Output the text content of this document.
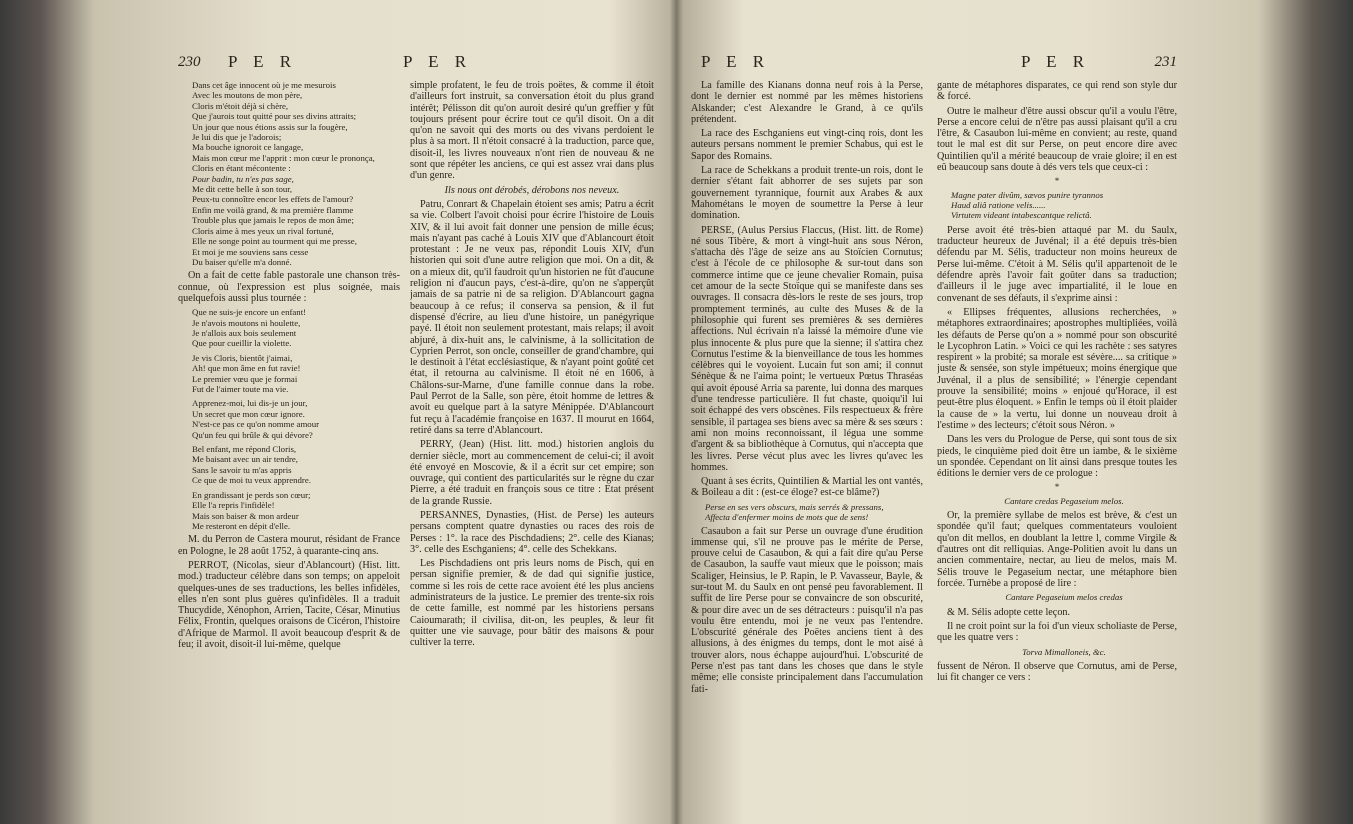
230 P E R	P E R
Dans cet âge innocent où je me mesurois
Avec les moutons de mon père,
Cloris m'étoit déjà si chère,
Que j'aurois tout quitté pour ses divins attraits;
Un jour que nous étions assis sur la fougère,
Je lui dis que je l'adorois;
Ma bouche ignoroit ce langage,
Mais mon cœur me l'apprit : mon cœur le prononça,
Cloris en étant mécontente :
Pour badin, tu n'es pas sage,
Me dit cette belle à son tour,
Peux-tu connoître encor les effets de l'amour?
Enfin me voilà grand, & ma première flamme
Trouble plus que jamais le repos de mon âme;
Cloris aime à mes yeux un rival fortuné,
Elle ne songe point au tourment qui me presse,
Et moi je me souviens sans cesse
Du baiser qu'elle m'a donné.

On a fait de cette fable pastorale une chanson très-connue, où l'expression est plus soignée, mais quelquefois aussi plus tournée :

Que ne suis-je encore un enfant!
Je n'avois moutons ni houlette,
Je n'allois aux bois seulement
Que pour cueillir la violette.
Je vis Cloris, bientôt j'aimai,
Ah! que mon âme en fut ravie!
Le premier vœu que je formai
Fut de l'aimer toute ma vie.
Apprenez-moi, lui dis-je un jour,
Un secret que mon cœur ignore.
N'est-ce pas ce qu'on nomme amour
Qu'un feu qui brûle & qui dévore?
Bel enfant, me répond Cloris,
Me baisant avec un air tendre,
Sans le savoir tu m'as appris
Ce que de moi tu veux apprendre.
En grandissant je perds son cœur;
Elle l'a repris l'infidèle!
Mais son baiser & mon ardeur
Me resteront en dépit d'elle.

M. du Perron de Castera mourut, résidant de France en Pologne, le 28 août 1752, à quarante-cinq ans.

PERROT, (Nicolas, sieur d'Ablancourt) (Hist. litt. mod.) traducteur célèbre dans son temps; on appeloit quelques-unes de ses traductions, les belles infidèles, elles n'en sont plus guères qu'infidèles. Il a traduit Thucydide, Xénophon, Arrien, Tacite, César, Minutius Félix, Frontin, quelques oraisons de Cicéron, l'histoire d'Afrique de Marmol. Il avoit beaucoup d'esprit & de feu; il avoit, disoit-il lui-même, quelque

simple profatent, le feu de trois poëtes, & comme il étoit d'ailleurs fort instruit, sa conversation étoit du plus grand intérêt; Pélisson dit qu'on auroit desiré qu'un greffier y fût toujours présent pour écrire tout ce qu'il disoit. On a dit qu'on ne savoit qui des morts ou des vivans perdoient le plus à sa mort. Il n'étoit consacré à la traduction, parce que, disoit-il, les livres nouveaux n'ont rien de nouveau & ne sont que répéter les anciens, ce qui est assez vrai dans plus d'un genre.

Ils nous ont dérobés, dérobons nos neveux.

Patru, Conrart & Chapelain étoient ses amis; Patru a écrit sa vie. Colbert l'avoit choisi pour écrire l'histoire de Louis XIV, & il lui avoit fait donner une pension de mille écus; mais n'ayant pas caché à Louis XIV que d'Ablancourt étoit protestant : Je ne veux pas, répondit Louis XIV, d'un historien qui soit d'une autre religion que moi. On a dit, & on a mieux dit, qu'il faudroit qu'un historien ne fût d'aucune religion ni d'aucun pays, c'est-à-dire, qu'on ne s'apperçût jamais de sa patrie ni de sa religion. D'Ablancourt gagna beaucoup à ce refus; il conserva sa pension, & il fut dispensé d'écrire, au lieu d'une histoire, un panégyrique payé. Il étoit non seulement protestant, mais relaps; il avoit abjuré, à dix-huit ans, le calvinisme, à la sollicitation de Cyprien Perrot, son oncle, conseiller de grand'chambre, qui le destinoit à l'état ecclésiastique, & n'ayant point goûté cet état, il retourna au calvinisme. Il étoit né en 1606, à Châlons-sur-Marne, d'une famille connue dans la robe. Paul Perrot de la Salle, son père, étoit homme de lettres & avoit eu quelque part à la satyre Ménippée. D'Ablancourt fut reçu à l'académie françoise en 1637. Il mourut en 1664, retiré dans sa terre d'Ablancourt.

PERRY, (Jean) (Hist. litt. mod.) historien anglois du dernier siècle, mort au commencement de celui-ci; il avoit été envoyé en Moscovie, & il a écrit sur cet empire; son ouvrage, qui contient des particularités sur le règne du czar Pierre, a été traduit en françois sous ce titre : Etat présent de la grande Russie.

PERSANNES, Dynasties, (Hist. de Perse) les auteurs persans comptent quatre dynasties ou races des rois de Perses : 1°. la race des Pischdadiens; 2°. celle des Kianas; 3°. celle des Eschganiens; 4°. celle des Schekkans.

Les Pischdadiens ont pris leurs noms de Pisch, qui en persan signifie premier, & de dad qui signifie justice, comme si les rois de cette race avoient été les plus anciens administrateurs de la justice. Le premier des trente-six rois de cette famille, est nommé par les historiens persans Caioumarath; il civilisa, dit-on, les peuples, & leur fit quitter une vie sauvage, pour bâtir des maisons & pour cultiver la terre.

P E R	P E R	231

La famille des Kianans donna neuf rois à la Perse, dont le dernier est nommé par les mêmes historiens Alskander; c'est Alexandre le Grand, à ce qu'ils prétendent.

La race des Eschganiens eut vingt-cinq rois, dont les auteurs persans nomment le premier Schabus, qui est le Sapor des Romains.

La race de Schekkans a produit trente-un rois, dont le dernier s'étant fait abhorrer de ses sujets par son gouvernement tyrannique, fournit aux Arabes & aux Mahométans le moyen de soumettre la Perse à leur domination.

PERSE, (Aulus Persius Flaccus, (Hist. litt. de Rome) né sous Tibère, & mort à vingt-huit ans sous Néron, s'attacha dès l'âge de seize ans au Stoïcien Cornutus; c'est à l'école de ce philosophe & sur-tout dans son commerce intime que ce jeune chevalier Romain, puisa cet amour de la secte Stoïque qui se manifeste dans ses ouvrages. Il consacra dès-lors le reste de ses jours, trop promptement terminés, au culte des Muses & de la philosophie qui furent ses premières & ses dernières affections. Nul écrivain n'a laissé la mémoire d'une vie plus innocente & plus pure que la sienne; il s'attira chez Cornutus l'estime & la bienveillance de tous les hommes célèbres qui le voyoient. Lucain fut son ami; il connut Sénèque & ne l'aima point; le vertueux Pœtus Thraséas qui avoit épousé Arria sa parente, lui donna des marques d'une tendresse particulière. Il fut chaste, quoiqu'il lui soit échappé des vers obscènes. Fils respectueux & frère sensible, il partagea ses biens avec sa mère & ses sœurs : ami non moins reconnoissant, il légua une somme d'argent & sa bibliothèque à Cornutus, qui n'accepta que les livres. Perse vécut plus avec les livres qu'avec les hommes.

Quant à ses écrits, Quintilien & Martial les ont vantés, & Boileau a dit : (est-ce éloge? est-ce blâme?)

Perse en ses vers obscurs, mais serrés & pressans,
Affecta d'enfermer moins de mots que de sens!

Casaubon a fait sur Perse un ouvrage d'une érudition immense qui, s'il ne prouve pas le mérite de Perse, prouve celui de Casaubon, & qui a fait dire qu'au Perse de Casaubon, la sauffe vaut mieux que le poisson; mais Scaliger, Heinsius, le P. Rapin, le P. Vavasseur, Bayle, & sur-tout M. du Saulx en ont pensé peu favorablement. Il suffit de lire Perse pour se convaincre de son obscurité, & pour dire avec un de ses détracteurs : puisqu'il n'a pas voulu être entendu, moi je ne veux pas l'entendre. L'obscurité générale des Poëtes anciens tient à des allusions, à des énigmes du temps, dont le mot aisé à trouver alors, nous échappe aujourd'hui. L'obscurité de Perse n'est pas tant dans les choses que dans le style même; elle consiste principalement dans l'accumulation fati-

gante de métaphores disparates, ce qui rend son style dur & forcé.

Outre le malheur d'être aussi obscur qu'il a voulu l'être, Perse a encore celui de n'être pas aussi plaisant qu'il a cru l'être, & Casaubon lui-même en convient; au reste, quand tout le mal est dit sur Perse, on peut encore dire avec Quintilien qu'il a mérité beaucoup de vraie gloire; il en est eû beaucoup sans doute à dés vers tels que ceux-ci :

*
Magne pater divûm, sævos punire tyrannos
Haud aliâ ratione velis......
Virtutem videant intabescantque relictâ.

Perse avoit été très-bien attaqué par M. du Saulx, traducteur heureux de Juvénal; il a été depuis très-bien défendu par M. Sélis, traducteur non moins heureux de Perse lui-même. C'étoit à M. Sélis qu'il appartenoit de le défendre après l'avoir fait goûter dans sa traduction; d'ailleurs il le juge avec impartialité, il le loue en convenant de ses défauts, il s'exprime ainsi :

« Ellipses fréquentes, allusions recherchées, » métaphores extraordinaires; apostrophes multipliées, voilà les défauts de Perse qu'on a » nommé pour son obscurité le Lycophron Latin. » Voici ce qui les rachète : ses satyres respirent » la probité; sa morale est sévère.... sa critique » juste & sensée, son style impétueux; moins énergique que Juvénal, il a plus de sensibilité; » l'énergie cependant prouve la sensibilité; moins » enjoué qu'Horace, il est peut-être plus éloquent. » Enfin le temps où il étoit plaider la cause de » la vertu, lui donne un nouveau droit à l'estime » des lecteurs; c'étoit sous Néron. »

Dans les vers du Prologue de Perse, qui sont tous de six pieds, le cinquième pied doit être un iambe, & le sixième un spondée. Cependant on lit ainsi dans presque toutes les éditions le dernier vers de ce prologue :

*
Cantare credas Pegaseium melos.

Or, la première syllabe de melos est brève, & c'est un spondée qu'il faut; quelques commentateurs vouloient qu'on dit mellos, en doublant la lettre l, comme Virgile & d'autres ont dit relliquias. Ange-Politien avoit lu dans un ancien commentaire, nectar, au lieu de melos, mais M. Sélis trouve le Pegaseium nectar, une métaphore bien forcée. Turnèbe a proposé de lire :

Cantare Pegaseium melos credas

& M. Sélis adopte cette leçon.

Il ne croit point sur la foi d'un vieux scholiaste de Perse, que les quatre vers :

Torva Mimalloneis, &c.

fussent de Néron. Il observe que Cornutus, ami de Perse, lui fit changer ce vers :
